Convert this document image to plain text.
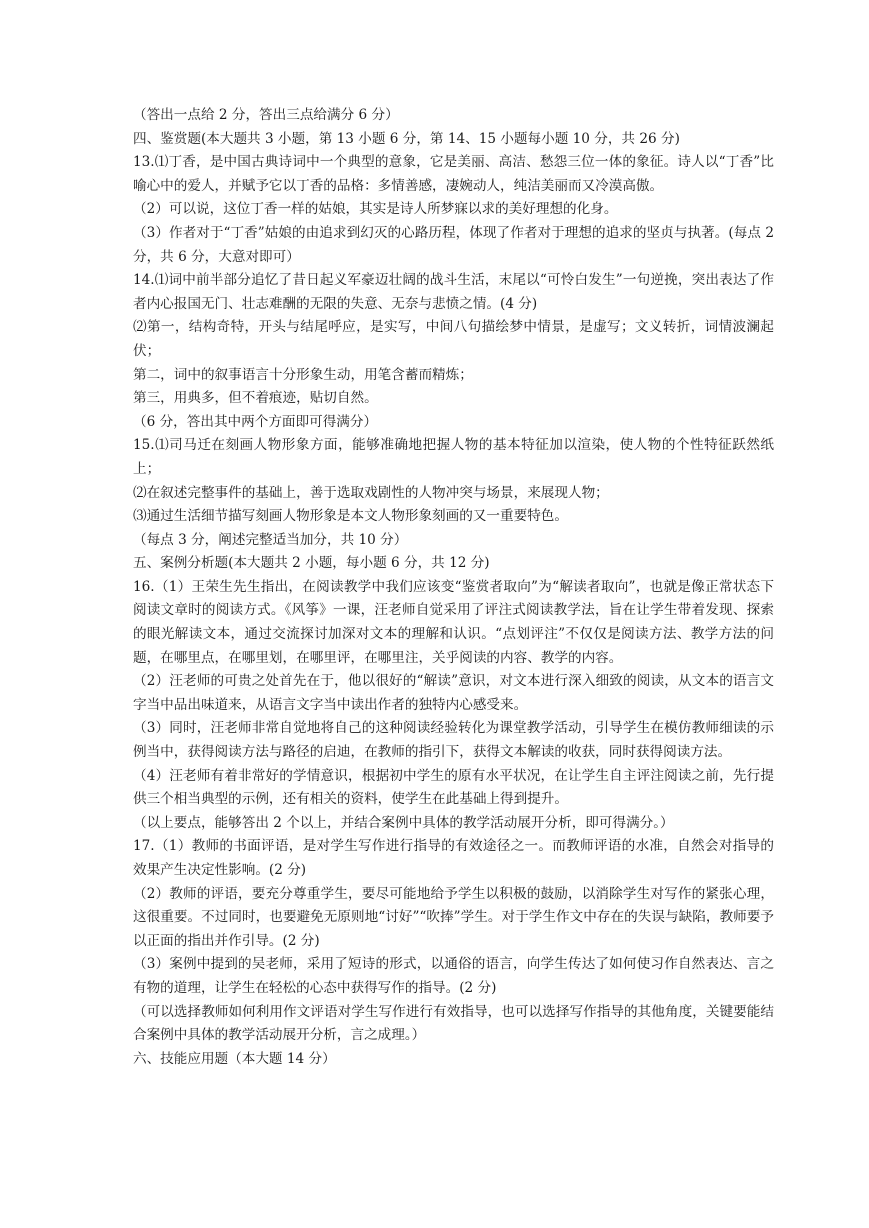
（答出一点给 2 分，答出三点给满分 6 分）

四、鉴赏题(本大题共 3 小题，第 13 小题 6 分，第 14、15 小题每小题 10 分，共 26 分)

13.⑴丁香，是中国古典诗词中一个典型的意象，它是美丽、高洁、愁怨三位一体的象征。诗人以“丁香”比喻心中的爱人，并赋予它以丁香的品格：多情善感，凄婉动人，纯洁美丽而又冷漠高傲。

（2）可以说，这位丁香一样的姑娘，其实是诗人所梦寐以求的美好理想的化身。

（3）作者对于“丁香”姑娘的由追求到幻灭的心路历程，体现了作者对于理想的追求的坚贞与执著。(每点 2 分，共 6 分，大意对即可）

14.⑴词中前半部分追忆了昔日起义军豪迈壮阔的战斗生活，末尾以“可怜白发生”一句逆挽，突出表达了作者内心报国无门、壮志难酬的无限的失意、无奈与悲愤之情。(4 分)

⑵第一，结构奇特，开头与结尾呼应，是实写，中间八句描绘梦中情景，是虚写；文义转折，词情波澜起伏；

第二，词中的叙事语言十分形象生动，用笔含蓄而精炼；

第三，用典多，但不着痕迹，贴切自然。

（6 分，答出其中两个方面即可得满分）

15.⑴司马迁在刻画人物形象方面，能够准确地把握人物的基本特征加以渲染，使人物的个性特征跃然纸上；

⑵在叙述完整事件的基础上，善于选取戏剧性的人物冲突与场景，来展现人物；

⑶通过生活细节描写刻画人物形象是本文人物形象刻画的又一重要特色。

（每点 3 分，阐述完整适当加分，共 10 分）

五、案例分析题(本大题共 2 小题，每小题 6 分，共 12 分)

16.（1）王荣生先生指出，在阅读教学中我们应该变“鉴赏者取向”为“解读者取向”，也就是像正常状态下阅读文章时的阅读方式。《风筝》一课，汪老师自觉采用了评注式阅读教学法，旨在让学生带着发现、探索的眼光解读文本，通过交流探讨加深对文本的理解和认识。“点划评注”不仅仅是阅读方法、教学方法的问题，在哪里点，在哪里划，在哪里评，在哪里注，关乎阅读的内容、教学的内容。

（2）汪老师的可贵之处首先在于，他以很好的“解读”意识，对文本进行深入细致的阅读，从文本的语言文字当中品出味道来，从语言文字当中读出作者的独特内心感受来。

（3）同时，汪老师非常自觉地将自己的这种阅读经验转化为课堂教学活动，引导学生在模仿教师细读的示例当中，获得阅读方法与路径的启迪，在教师的指引下，获得文本解读的收获，同时获得阅读方法。

（4）汪老师有着非常好的学情意识，根据初中学生的原有水平状况，在让学生自主评注阅读之前，先行提供三个相当典型的示例，还有相关的资料，使学生在此基础上得到提升。

（以上要点，能够答出 2 个以上，并结合案例中具体的教学活动展开分析，即可得满分。）

17.（1）教师的书面评语，是对学生写作进行指导的有效途径之一。而教师评语的水准，自然会对指导的效果产生决定性影响。(2 分)

（2）教师的评语，要充分尊重学生，要尽可能地给予学生以积极的鼓励，以消除学生对写作的紧张心理，这很重要。不过同时，也要避免无原则地“讨好”“吹捧”学生。对于学生作文中存在的失误与缺陷，教师要予以正面的指出并作引导。(2 分)

（3）案例中提到的吴老师，采用了短诗的形式，以通俗的语言，向学生传达了如何使习作自然表达、言之有物的道理，让学生在轻松的心态中获得写作的指导。(2 分)

（可以选择教师如何利用作文评语对学生写作进行有效指导，也可以选择写作指导的其他角度，关键要能结合案例中具体的教学活动展开分析，言之成理。）

六、技能应用题（本大题 14 分）
